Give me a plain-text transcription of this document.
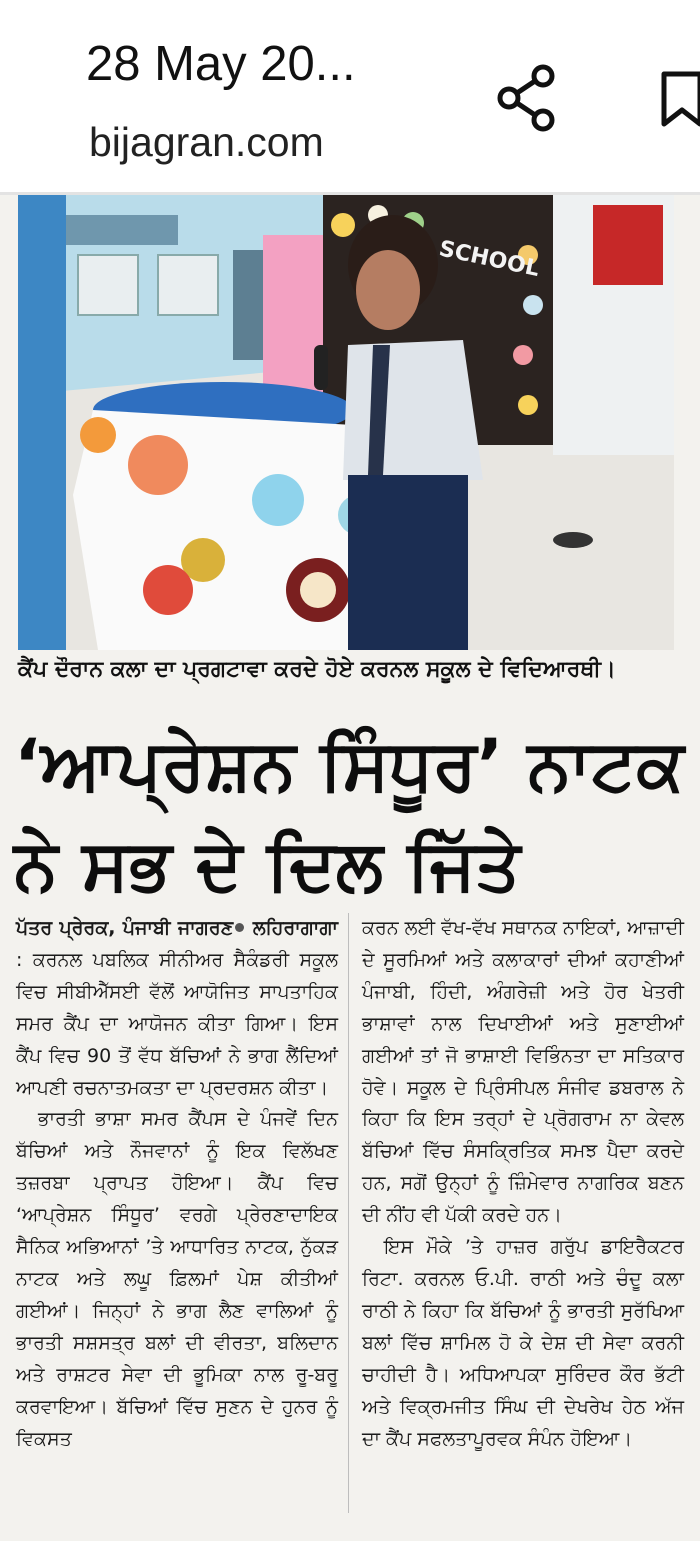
28 May 20...
bijagran.com
SCHOOL
ਕੈਂਪ ਦੌਰਾਨ ਕਲਾ ਦਾ ਪ੍ਰਗਟਾਵਾ ਕਰਦੇ ਹੋਏ ਕਰਨਲ ਸਕੂਲ ਦੇ ਵਿਦਿਆਰਥੀ।
‘ਆਪ੍ਰੇਸ਼ਨ ਸਿੰਧੂਰ’ ਨਾਟਕ
ਨੇ ਸਭ ਦੇ ਦਿਲ ਜਿੱਤੇ

ਪੱਤਰ ਪ੍ਰੇਰਕ, ਪੰਜਾਬੀ ਜਾਗਰਣ ਲਹਿਰਾਗਾਗਾ : ਕਰਨਲ ਪਬਲਿਕ ਸੀਨੀਅਰ ਸੈਕੰਡਰੀ ਸਕੂਲ ਵਿਚ ਸੀਬੀਐੱਸਈ ਵੱਲੋਂ ਆਯੋਜਿਤ ਸਾਪਤਾਹਿਕ ਸਮਰ ਕੈਂਪ ਦਾ ਆਯੋਜਨ ਕੀਤਾ ਗਿਆ। ਇਸ ਕੈਂਪ ਵਿਚ 90 ਤੋਂ ਵੱਧ ਬੱਚਿਆਂ ਨੇ ਭਾਗ ਲੈਂਦਿਆਂ ਆਪਣੀ ਰਚਨਾਤਮਕਤਾ ਦਾ ਪ੍ਰਦਰਸ਼ਨ ਕੀਤਾ।

ਭਾਰਤੀ ਭਾਸ਼ਾ ਸਮਰ ਕੈਂਪਸ ਦੇ ਪੰਜਵੇਂ ਦਿਨ ਬੱਚਿਆਂ ਅਤੇ ਨੌਜਵਾਨਾਂ ਨੂੰ ਇਕ ਵਿਲੱਖਣ ਤਜ਼ਰਬਾ ਪ੍ਰਾਪਤ ਹੋਇਆ। ਕੈਂਪ ਵਿਚ ‘ਆਪ੍ਰੇਸ਼ਨ ਸਿੰਧੂਰ’ ਵਰਗੇ ਪ੍ਰੇਰਣਾਦਾਇਕ ਸੈਨਿਕ ਅਭਿਆਨਾਂ ’ਤੇ ਆਧਾਰਿਤ ਨਾਟਕ, ਨੁੱਕੜ ਨਾਟਕ ਅਤੇ ਲਘੂ ਫ਼ਿਲਮਾਂ ਪੇਸ਼ ਕੀਤੀਆਂ ਗਈਆਂ। ਜਿਨ੍ਹਾਂ ਨੇ ਭਾਗ ਲੈਣ ਵਾਲਿਆਂ ਨੂੰ ਭਾਰਤੀ ਸਸ਼ਸਤ੍ਰ ਬਲਾਂ ਦੀ ਵੀਰਤਾ, ਬਲਿਦਾਨ ਅਤੇ ਰਾਸ਼ਟਰ ਸੇਵਾ ਦੀ ਭੂਮਿਕਾ ਨਾਲ ਰੂ-ਬਰੂ ਕਰਵਾਇਆ। ਬੱਚਿਆਂ ਵਿੱਚ ਸੁਣਨ ਦੇ ਹੁਨਰ ਨੂੰ ਵਿਕਸਤ

ਕਰਨ ਲਈ ਵੱਖ-ਵੱਖ ਸਥਾਨਕ ਨਾਇਕਾਂ, ਆਜ਼ਾਦੀ ਦੇ ਸੂਰਮਿਆਂ ਅਤੇ ਕਲਾਕਾਰਾਂ ਦੀਆਂ ਕਹਾਣੀਆਂ ਪੰਜਾਬੀ, ਹਿੰਦੀ, ਅੰਗਰੇਜ਼ੀ ਅਤੇ ਹੋਰ ਖੇਤਰੀ ਭਾਸ਼ਾਵਾਂ ਨਾਲ ਦਿਖਾਈਆਂ ਅਤੇ ਸੁਣਾਈਆਂ ਗਈਆਂ ਤਾਂ ਜੋ ਭਾਸ਼ਾਈ ਵਿਭਿੰਨਤਾ ਦਾ ਸਤਿਕਾਰ ਹੋਵੇ। ਸਕੂਲ ਦੇ ਪ੍ਰਿੰਸੀਪਲ ਸੰਜੀਵ ਡਬਰਾਲ ਨੇ ਕਿਹਾ ਕਿ ਇਸ ਤਰ੍ਹਾਂ ਦੇ ਪ੍ਰੋਗਰਾਮ ਨਾ ਕੇਵਲ ਬੱਚਿਆਂ ਵਿੱਚ ਸੰਸਕ੍ਰਿਤਿਕ ਸਮਝ ਪੈਦਾ ਕਰਦੇ ਹਨ, ਸਗੋਂ ਉਨ੍ਹਾਂ ਨੂੰ ਜ਼ਿੰਮੇਵਾਰ ਨਾਗਰਿਕ ਬਣਨ ਦੀ ਨੀਂਹ ਵੀ ਪੱਕੀ ਕਰਦੇ ਹਨ।

ਇਸ ਮੌਕੇ ’ਤੇ ਹਾਜ਼ਰ ਗਰੁੱਪ ਡਾਇਰੈਕਟਰ ਰਿਟਾ. ਕਰਨਲ ਓ.ਪੀ. ਰਾਠੀ ਅਤੇ ਚੰਦੂ ਕਲਾ ਰਾਠੀ ਨੇ ਕਿਹਾ ਕਿ ਬੱਚਿਆਂ ਨੂੰ ਭਾਰਤੀ ਸੁਰੱਖਿਆ ਬਲਾਂ ਵਿੱਚ ਸ਼ਾਮਿਲ ਹੋ ਕੇ ਦੇਸ਼ ਦੀ ਸੇਵਾ ਕਰਨੀ ਚਾਹੀਦੀ ਹੈ। ਅਧਿਆਪਕਾ ਸੁਰਿੰਦਰ ਕੌਰ ਭੱਟੀ ਅਤੇ ਵਿਕ੍ਰਮਜੀਤ ਸਿੰਘ ਦੀ ਦੇਖਰੇਖ ਹੇਠ ਅੱਜ ਦਾ ਕੈਂਪ ਸਫਲਤਾਪੂਰਵਕ ਸੰਪੰਨ ਹੋਇਆ।
